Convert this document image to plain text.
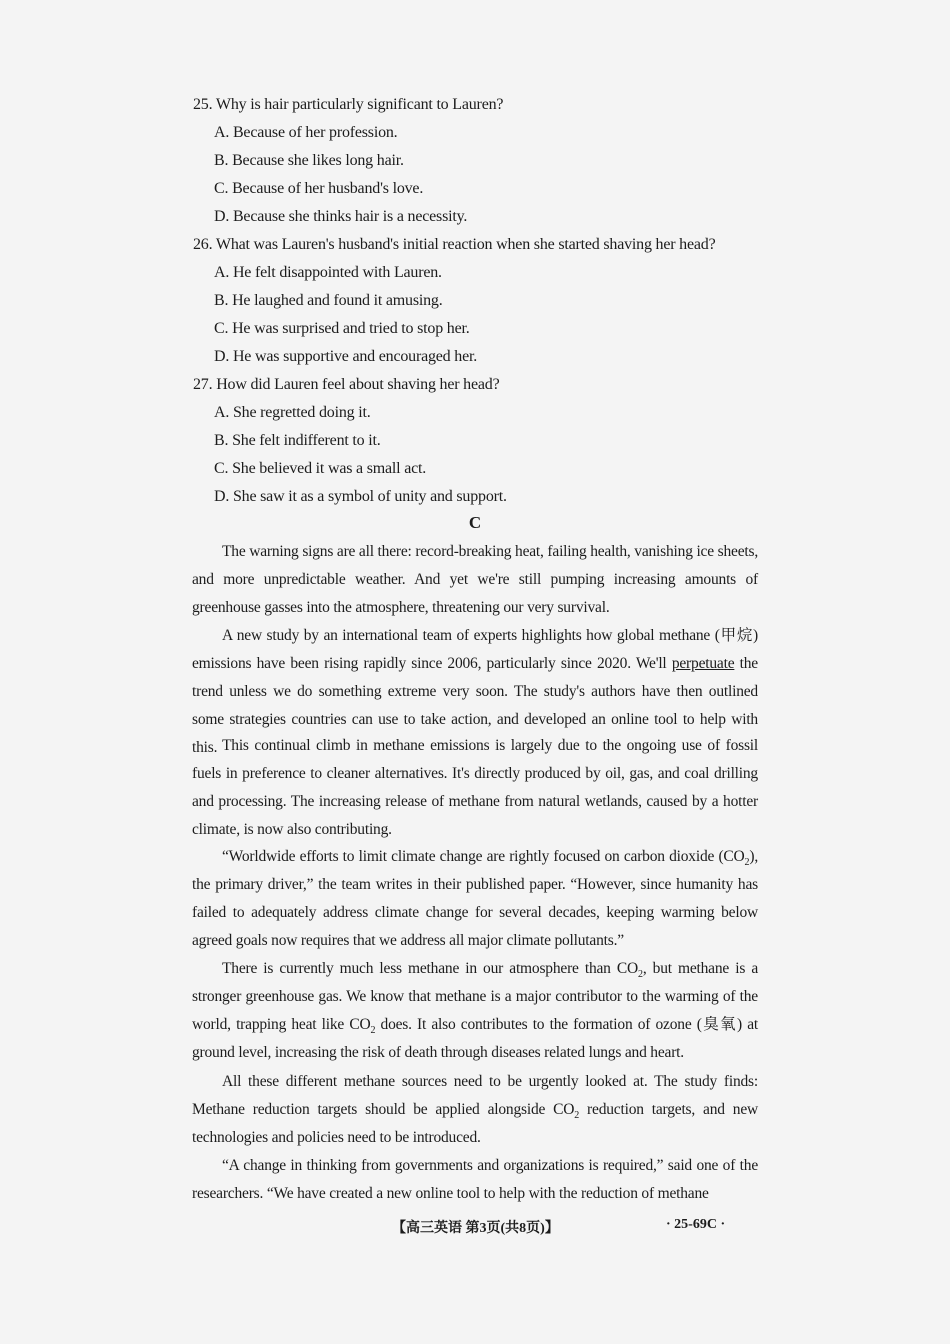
25. Why is hair particularly significant to Lauren?
A. Because of her profession.
B. Because she likes long hair.
C. Because of her husband's love.
D. Because she thinks hair is a necessity.
26. What was Lauren's husband's initial reaction when she started shaving her head?
A. He felt disappointed with Lauren.
B. He laughed and found it amusing.
C. He was surprised and tried to stop her.
D. He was supportive and encouraged her.
27. How did Lauren feel about shaving her head?
A. She regretted doing it.
B. She felt indifferent to it.
C. She believed it was a small act.
D. She saw it as a symbol of unity and support.
C
The warning signs are all there: record-breaking heat, failing health, vanishing ice sheets, and more unpredictable weather. And yet we're still pumping increasing amounts of greenhouse gasses into the atmosphere, threatening our very survival.
A new study by an international team of experts highlights how global methane (甲烷) emissions have been rising rapidly since 2006, particularly since 2020. We'll perpetuate the trend unless we do something extreme very soon. The study's authors have then outlined some strategies countries can use to take action, and developed an online tool to help with this. This continual climb in methane emissions is largely due to the ongoing use of fossil fuels in preference to cleaner alternatives. It's directly produced by oil, gas, and coal drilling and processing. The increasing release of methane from natural wetlands, caused by a hotter climate, is now also contributing.
“Worldwide efforts to limit climate change are rightly focused on carbon dioxide $(CO_2)$, the primary driver,” the team writes in their published paper. “However, since humanity has failed to adequately address climate change for several decades, keeping warming below agreed goals now requires that we address all major climate pollutants.”
There is currently much less methane in our atmosphere than $CO_2$, but methane is a stronger greenhouse gas. We know that methane is a major contributor to the warming of the world, trapping heat like $CO_2$ does. It also contributes to the formation of ozone (臭氧) at ground level, increasing the risk of death through diseases related lungs and heart.
All these different methane sources need to be urgently looked at. The study finds: Methane reduction targets should be applied alongside $CO_2$ reduction targets, and new technologies and policies need to be introduced.
“A change in thinking from governments and organizations is required,” said one of the researchers. “We have created a new online tool to help with the reduction of methane
【高三英语 第3页(共8页)】	· 25-69C ·
